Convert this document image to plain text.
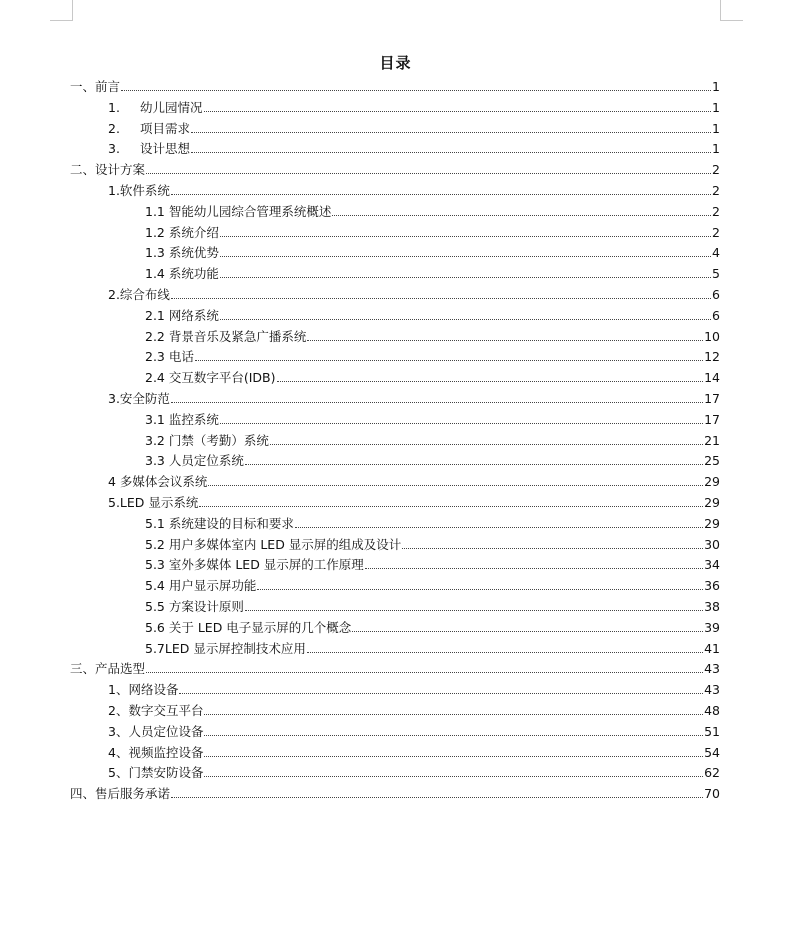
目录
一、前言	1
1.	幼儿园情况	1
2.	项目需求	1
3.	设计思想	1
二、设计方案	2
1.软件系统	2
1.1 智能幼儿园综合管理系统概述	2
1.2 系统介绍	2
1.3 系统优势	4
1.4 系统功能	5
2.综合布线	6
2.1 网络系统	6
2.2 背景音乐及紧急广播系统	10
2.3 电话	12
2.4 交互数字平台(IDB)	14
3.安全防范	17
3.1 监控系统	17
3.2 门禁（考勤）系统	21
3.3 人员定位系统	25
4 多媒体会议系统	29
5.LED 显示系统	29
5.1 系统建设的目标和要求	29
5.2 用户多媒体室内 LED 显示屏的组成及设计	30
5.3 室外多媒体 LED 显示屏的工作原理	34
5.4 用户显示屏功能	36
5.5 方案设计原则	38
5.6 关于 LED 电子显示屏的几个概念	39
5.7LED 显示屏控制技术应用	41
三、产品选型	43
1、网络设备	43
2、数字交互平台	48
3、人员定位设备	51
4、视频监控设备	54
5、门禁安防设备	62
四、售后服务承诺	70
